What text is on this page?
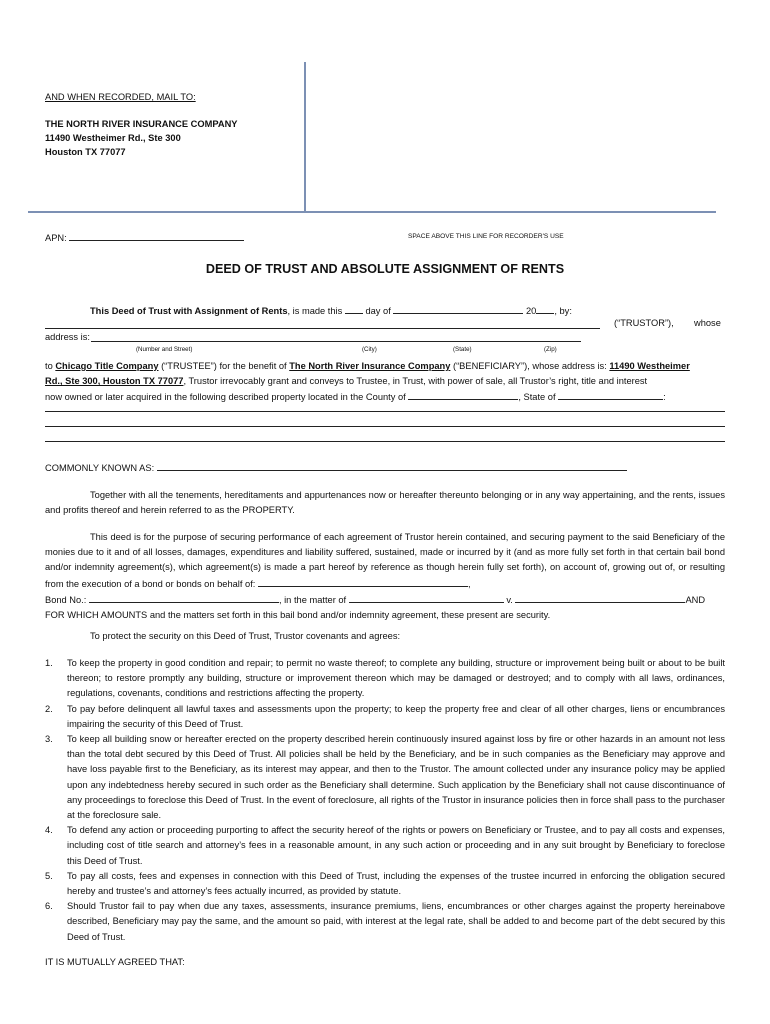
AND WHEN RECORDED, MAIL TO:
THE NORTH RIVER INSURANCE COMPANY
11490 Westheimer Rd., Ste 300
Houston TX 77077
APN:	SPACE ABOVE THIS LINE FOR RECORDER'S USE
DEED OF TRUST AND ABSOLUTE ASSIGNMENT OF RENTS
This Deed of Trust with Assignment of Rents, is made this day of	20 , by:
(“TRUSTOR”), whose
address is:
(Number and Street)	(City)	(State)	(Zip)
to Chicago Title Company (“TRUSTEE”) for the benefit of The North River Insurance Company (“BENEFICIARY”), whose address is: 11490 Westheimer
Rd., Ste 300, Houston TX 77077, Trustor irrevocably grant and conveys to Trustee, in Trust, with power of sale, all Trustor’s right, title and interest
now owned or later acquired in the following described property located in the County of	, State of	:
COMMONLY KNOWN AS:
Together with all the tenements, hereditaments and appurtenances now or hereafter thereunto belonging or in any way appertaining, and the rents, issues and profits thereof and herein referred to as the PROPERTY.
This deed is for the purpose of securing performance of each agreement of Trustor herein contained, and securing payment to the said Beneficiary of the monies due to it and of all losses, damages, expenditures and liability suffered, sustained, made or incurred by it (and as more fully set forth in that certain bail bond and/or indemnity agreement(s), which agreement(s) is made a part hereof by reference as though herein fully set forth), on account of, growing out of, or resulting from the execution of a bond or bonds on behalf of:	,
Bond No.:	, in the matter of	v.	AND
FOR WHICH AMOUNTS and the matters set forth in this bail bond and/or indemnity agreement, these present are security.
To protect the security on this Deed of Trust, Trustor covenants and agrees:
1. To keep the property in good condition and repair; to permit no waste thereof; to complete any building, structure or improvement being built or about to be built thereon; to restore promptly any building, structure or improvement thereon which may be damaged or destroyed; and to comply with all laws, ordinances, regulations, covenants, conditions and restrictions affecting the property.
2. To pay before delinquent all lawful taxes and assessments upon the property; to keep the property free and clear of all other charges, liens or encumbrances impairing the security of this Deed of Trust.
3. To keep all building snow or hereafter erected on the property described herein continuously insured against loss by fire or other hazards in an amount not less than the total debt secured by this Deed of Trust. All policies shall be held by the Beneficiary, and be in such companies as the Beneficiary may approve and have loss payable first to the Beneficiary, as its interest may appear, and then to the Trustor. The amount collected under any insurance policy may be applied upon any indebtedness hereby secured in such order as the Beneficiary shall determine. Such application by the Beneficiary shall not cause discontinuance of any proceedings to foreclose this Deed of Trust. In the event of foreclosure, all rights of the Trustor in insurance policies then in force shall pass to the purchaser at the foreclosure sale.
4. To defend any action or proceeding purporting to affect the security hereof of the rights or powers on Beneficiary or Trustee, and to pay all costs and expenses, including cost of title search and attorney’s fees in a reasonable amount, in any such action or proceeding and in any suit brought by Beneficiary to foreclose this Deed of Trust.
5. To pay all costs, fees and expenses in connection with this Deed of Trust, including the expenses of the trustee incurred in enforcing the obligation secured hereby and trustee’s and attorney’s fees actually incurred, as provided by statute.
6. Should Trustor fail to pay when due any taxes, assessments, insurance premiums, liens, encumbrances or other charges against the property hereinabove described, Beneficiary may pay the same, and the amount so paid, with interest at the legal rate, shall be added to and become part of the debt secured by this Deed of Trust.
IT IS MUTUALLY AGREED THAT:
